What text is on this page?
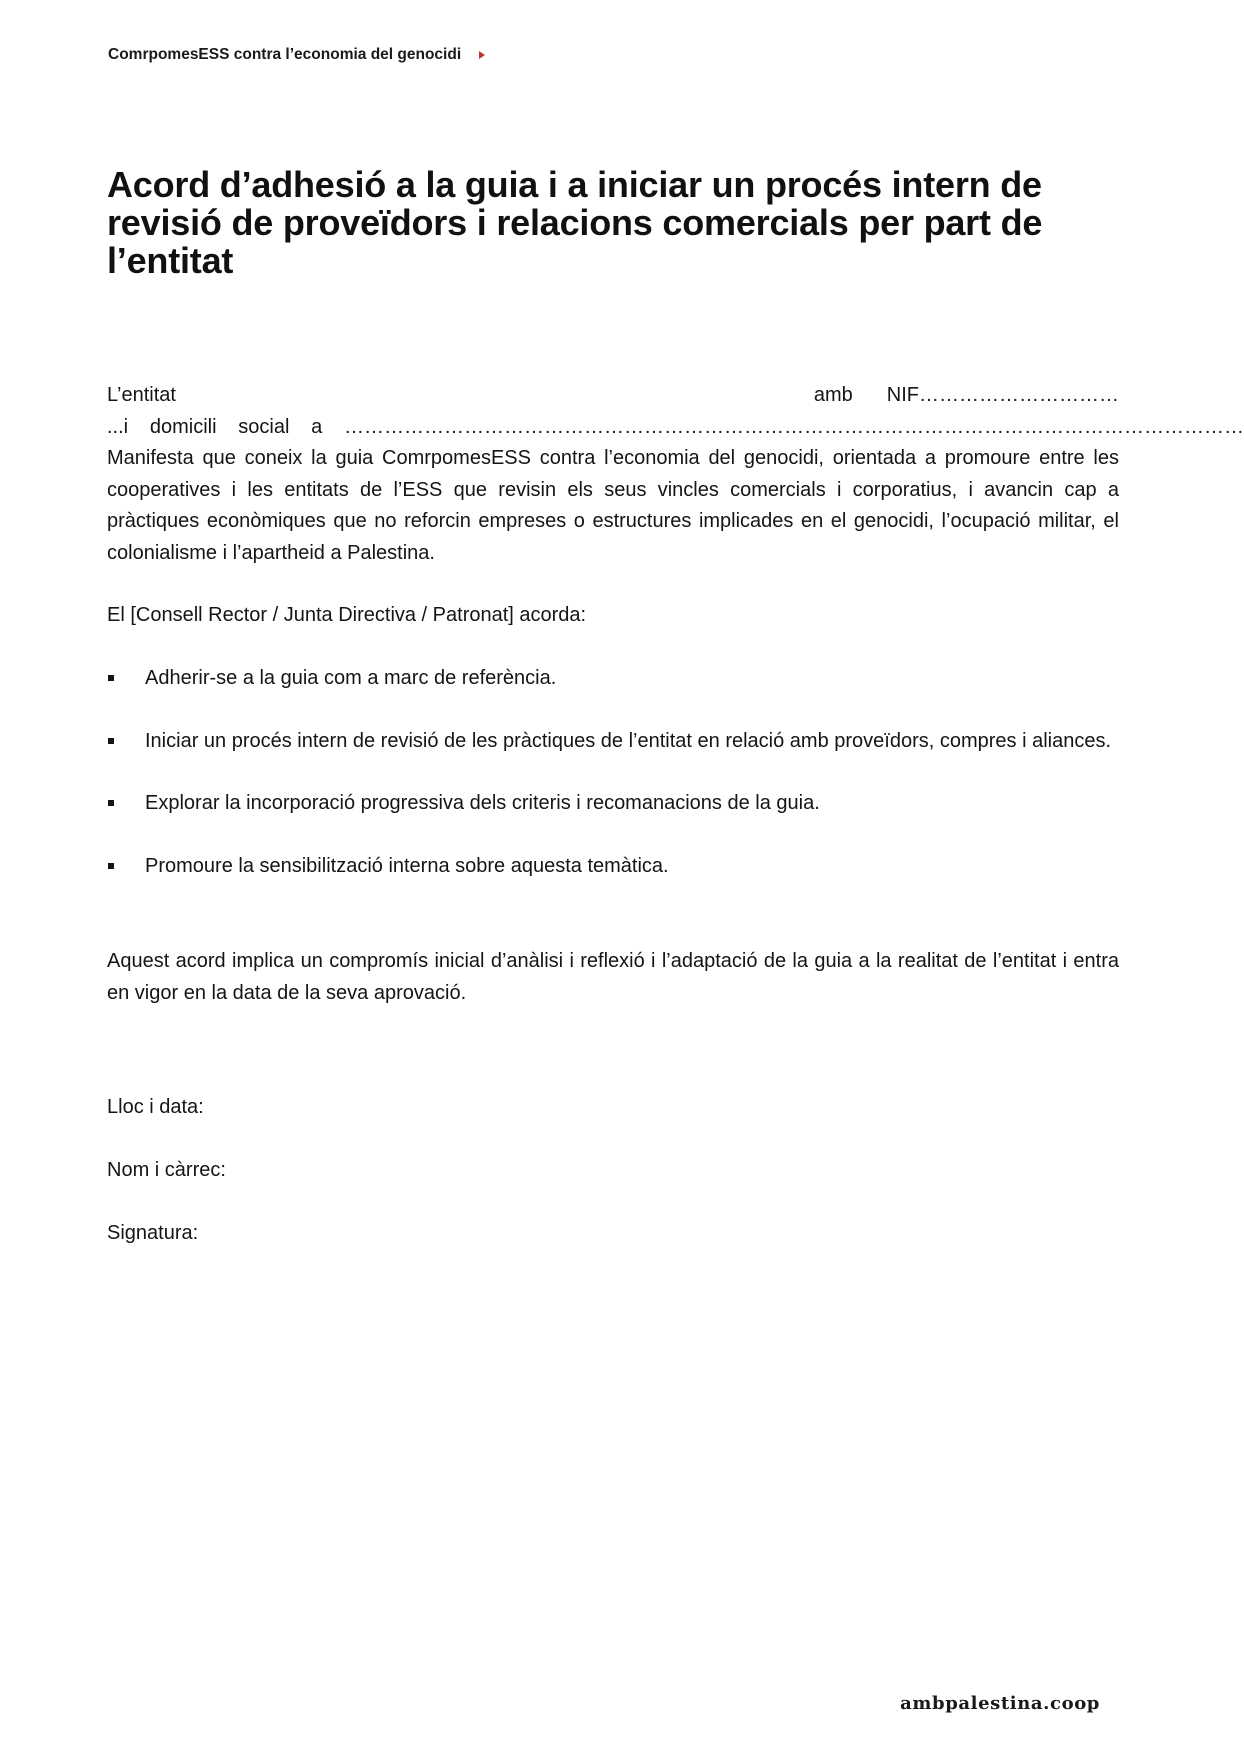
ComrpomesESS contra l’economia del genocidi
Acord d’adhesió a la guia i a iniciar un procés intern de revisió de proveïdors i relacions comercials per part de l’entitat
L’entitat	amb NIF…………………………
...i domicili social a ………………………………………………………………………………………………………………………

Manifesta que coneix la guia ComrpomesESS contra l’economia del genocidi, orientada a promoure entre les cooperatives i les entitats de l’ESS que revisin els seus vincles comercials i corporatius, i avancin cap a pràctiques econòmiques que no reforcin empreses o estructures implicades en el genocidi, l’ocupació militar, el colonialisme i l’apartheid a Palestina.

El [Consell Rector / Junta Directiva / Patronat] acorda:
Adherir-se a la guia com a marc de referència.
Iniciar un procés intern de revisió de les pràctiques de l’entitat en relació amb proveïdors, compres i aliances.
Explorar la incorporació progressiva dels criteris i recomanacions de la guia.
Promoure la sensibilització interna sobre aquesta temàtica.

Aquest acord implica un compromís inicial d’anàlisi i reflexió i l’adaptació de la guia a la realitat de l’entitat i entra en vigor en la data de la seva aprovació.

Lloc i data:
Nom i càrrec:
Signatura:
ambpalestina.coop
